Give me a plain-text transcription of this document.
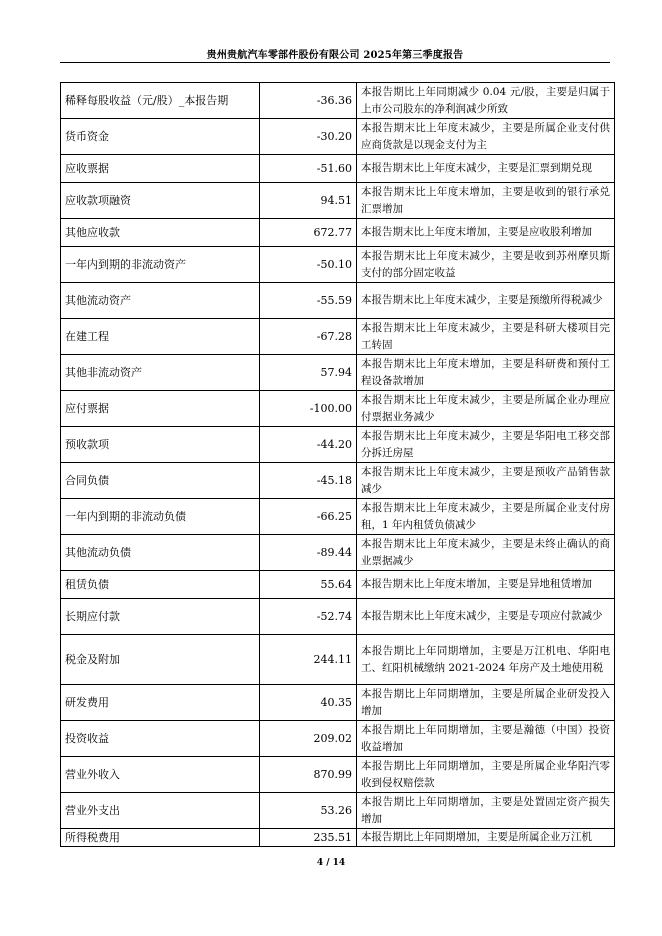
贵州贵航汽车零部件股份有限公司 2025年第三季度报告
稀释每股收益（元/股）_本报告期	-36.36	本报告期比上年同期减少 0.04 元/股，主要是归属于上市公司股东的净利润减少所致
货币资金	-30.20	本报告期末比上年度末减少，主要是所属企业支付供应商货款是以现金支付为主
应收票据	-51.60	本报告期末比上年度末减少，主要是汇票到期兑现
应收款项融资	94.51	本报告期末比上年度末增加，主要是收到的银行承兑汇票增加
其他应收款	672.77	本报告期末比上年度末增加，主要是应收股利增加
一年内到期的非流动资产	-50.10	本报告期末比上年度末减少，主要是收到苏州摩贝斯支付的部分固定收益
其他流动资产	-55.59	本报告期末比上年度末减少，主要是预缴所得税减少
在建工程	-67.28	本报告期末比上年度末减少，主要是科研大楼项目完工转固
其他非流动资产	57.94	本报告期末比上年度末增加，主要是科研费和预付工程设备款增加
应付票据	-100.00	本报告期末比上年度末减少，主要是所属企业办理应付票据业务减少
预收款项	-44.20	本报告期末比上年度末减少，主要是华阳电工移交部分拆迁房屋
合同负债	-45.18	本报告期末比上年度末减少，主要是预收产品销售款减少
一年内到期的非流动负债	-66.25	本报告期末比上年度末减少，主要是所属企业支付房租，1 年内租赁负债减少
其他流动负债	-89.44	本报告期末比上年度末减少，主要是未终止确认的商业票据减少
租赁负债	55.64	本报告期末比上年度末增加，主要是异地租赁增加
长期应付款	-52.74	本报告期末比上年度末减少，主要是专项应付款减少
税金及附加	244.11	本报告期比上年同期增加，主要是万江机电、华阳电工、红阳机械缴纳 2021-2024 年房产及土地使用税
研发费用	40.35	本报告期比上年同期增加，主要是所属企业研发投入增加
投资收益	209.02	本报告期比上年同期增加，主要是瀚德（中国）投资收益增加
营业外收入	870.99	本报告期比上年同期增加，主要是所属企业华阳汽零收到侵权赔偿款
营业外支出	53.26	本报告期比上年同期增加，主要是处置固定资产损失增加
所得税费用	235.51	本报告期比上年同期增加，主要是所属企业万江机
4 / 14
